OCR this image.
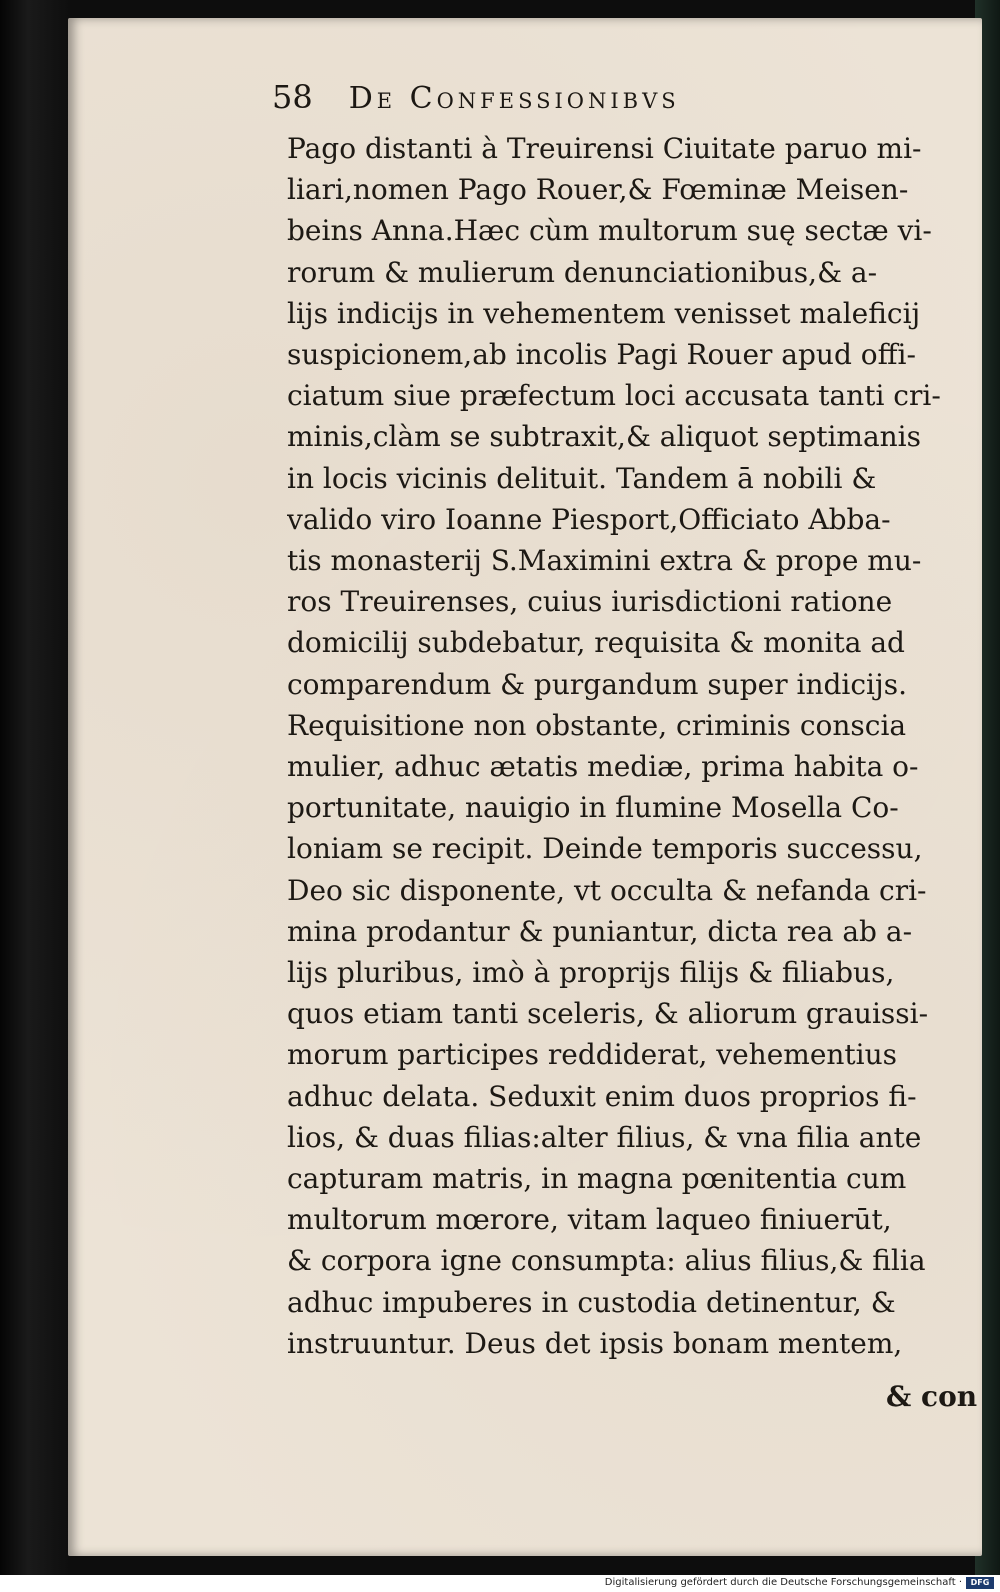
58 De Confessionibvs
Pago distanti à Treuirensi Ciuitate paruo mi-
liari,nomen Pago Rouer,& Fœminæ Meisen-
beins Anna.Hæc cùm multorum suę sectæ vi-
rorum & mulierum denunciationibus,& a-
lijs indicijs in vehementem venisset maleficij
suspicionem,ab incolis Pagi Rouer apud offi-
ciatum siue præfectum loci accusata tanti cri-
minis,clàm se subtraxit,& aliquot septimanis
in locis vicinis delituit. Tandem ā nobili &
valido viro Ioanne Piesport,Officiato Abba-
tis monasterij S.Maximini extra & prope mu-
ros Treuirenses, cuius iurisdictioni ratione
domicilij subdebatur, requisita & monita ad
comparendum & purgandum super indicijs.
Requisitione non obstante, criminis conscia
mulier, adhuc ætatis mediæ, prima habita o-
portunitate, nauigio in flumine Mosella Co-
loniam se recipit. Deinde temporis successu,
Deo sic disponente, vt occulta & nefanda cri-
mina prodantur & puniantur, dicta rea ab a-
lijs pluribus, imò à proprijs filijs & filiabus,
quos etiam tanti sceleris, & aliorum grauissi-
morum participes reddiderat, vehementius
adhuc delata. Seduxit enim duos proprios fi-
lios, & duas filias:alter filius, & vna filia ante
capturam matris, in magna pœnitentia cum
multorum mœrore, vitam laqueo finiuerūt,
& corpora igne consumpta: alius filius,& filia
adhuc impuberes in custodia detinentur, &
instruuntur. Deus det ipsis bonam mentem,
& con
Digitalisierung gefördert durch die Deutsche Forschungsgemeinschaft ·	DFG
